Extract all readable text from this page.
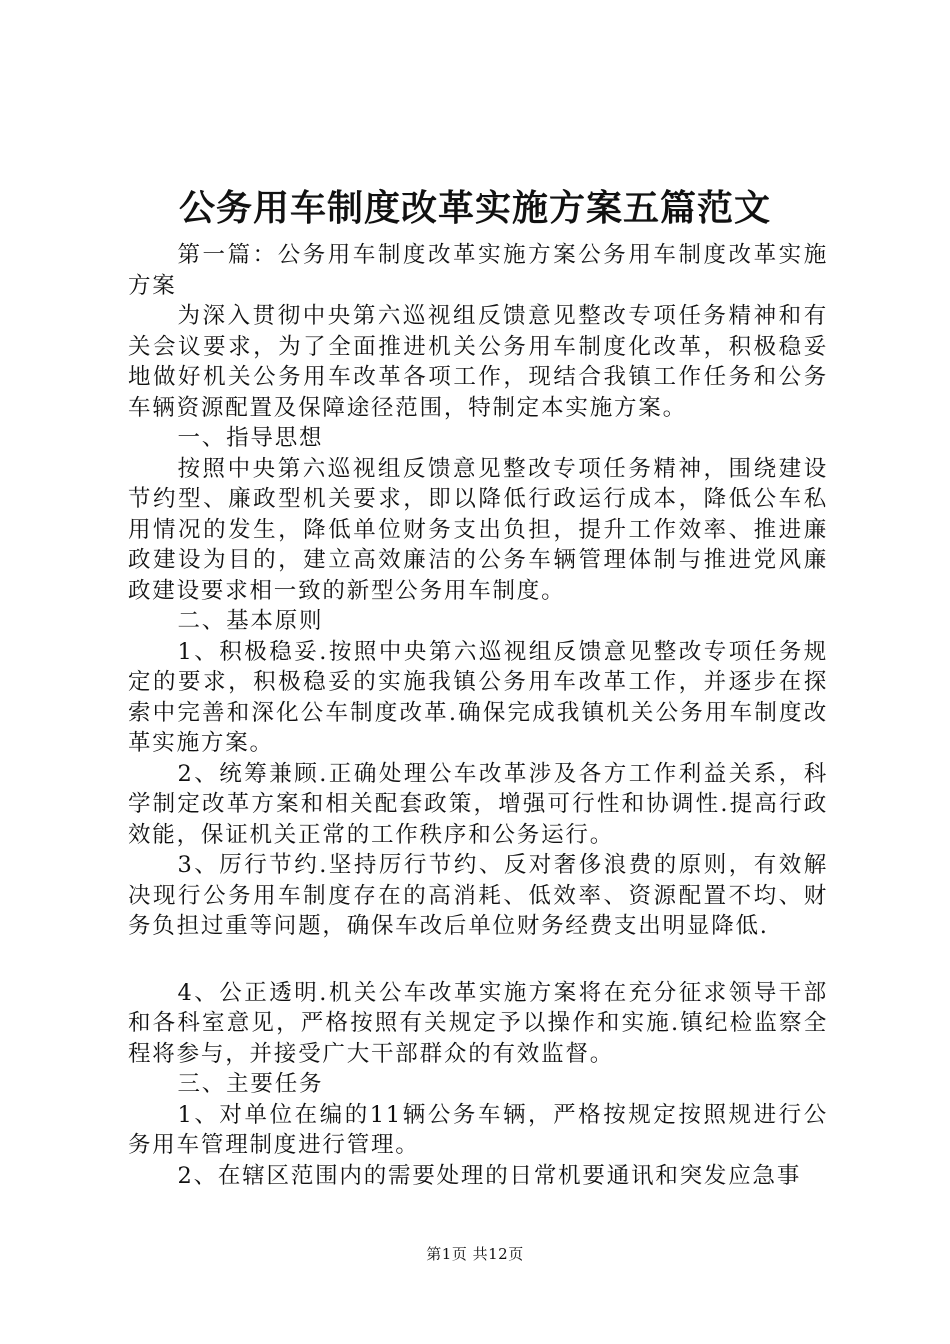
公务用车制度改革实施方案五篇范文

第一篇：公务用车制度改革实施方案公务用车制度改革实施方案

为深入贯彻中央第六巡视组反馈意见整改专项任务精神和有关会议要求，为了全面推进机关公务用车制度化改革，积极稳妥地做好机关公务用车改革各项工作，现结合我镇工作任务和公务车辆资源配置及保障途径范围，特制定本实施方案。

一、指导思想

按照中央第六巡视组反馈意见整改专项任务精神，围绕建设节约型、廉政型机关要求，即以降低行政运行成本，降低公车私用情况的发生，降低单位财务支出负担，提升工作效率、推进廉政建设为目的，建立高效廉洁的公务车辆管理体制与推进党风廉政建设要求相一致的新型公务用车制度。

二、基本原则

1、积极稳妥.按照中央第六巡视组反馈意见整改专项任务规定的要求，积极稳妥的实施我镇公务用车改革工作，并逐步在探索中完善和深化公车制度改革.确保完成我镇机关公务用车制度改革实施方案。

2、统筹兼顾.正确处理公车改革涉及各方工作利益关系，科学制定改革方案和相关配套政策，增强可行性和协调性.提高行政效能，保证机关正常的工作秩序和公务运行。

3、厉行节约.坚持厉行节约、反对奢侈浪费的原则，有效解决现行公务用车制度存在的高消耗、低效率、资源配置不均、财务负担过重等问题，确保车改后单位财务经费支出明显降低.

4、公正透明.机关公车改革实施方案将在充分征求领导干部和各科室意见，严格按照有关规定予以操作和实施.镇纪检监察全程将参与，并接受广大干部群众的有效监督。

三、主要任务

1、对单位在编的11辆公务车辆，严格按规定按照规进行公务用车管理制度进行管理。

2、在辖区范围内的需要处理的日常机要通讯和突发应急事

第1页 共12页
